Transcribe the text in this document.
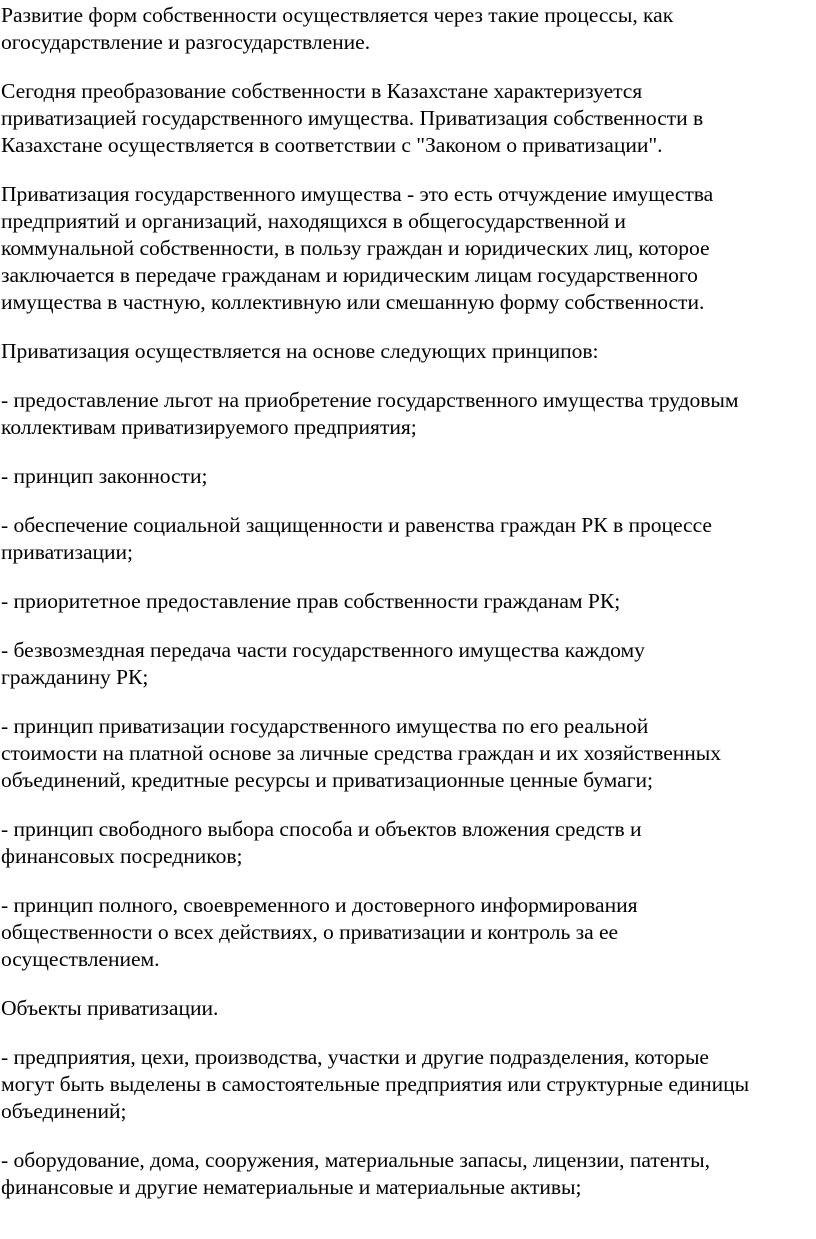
Развитие форм собственности осуществляется через такие процессы, как
огосударствление и разгосударствление.

Сегодня преобразование собственности в Казахстане характеризуется
приватизацией государственного имущества. Приватизация собственности в
Казахстане осуществляется в соответствии с "Законом о приватизации".

Приватизация государственного имущества - это есть отчуждение имущества
предприятий и организаций, находящихся в общегосударственной и
коммунальной собственности, в пользу граждан и юридических лиц, которое
заключается в передаче гражданам и юридическим лицам государственного
имущества в частную, коллективную или смешанную форму собственности.

Приватизация осуществляется на основе следующих принципов:

- предоставление льгот на приобретение государственного имущества трудовым
коллективам приватизируемого предприятия;

- принцип законности;

- обеспечение социальной защищенности и равенства граждан РК в процессе
приватизации;

- приоритетное предоставление прав собственности гражданам РК;

- безвозмездная передача части государственного имущества каждому
гражданину РК;

- принцип приватизации государственного имущества по его реальной
стоимости на платной основе за личные средства граждан и их хозяйственных
объединений, кредитные ресурсы и приватизационные ценные бумаги;

- принцип свободного выбора способа и объектов вложения средств и
финансовых посредников;

- принцип полного, своевременного и достоверного информирования
общественности о всех действиях, о приватизации и контроль за ее
осуществлением.

Объекты приватизации.

- предприятия, цехи, производства, участки и другие подразделения, которые
могут быть выделены в самостоятельные предприятия или структурные единицы
объединений;

- оборудование, дома, сооружения, материальные запасы, лицензии, патенты,
финансовые и другие нематериальные и материальные активы;
